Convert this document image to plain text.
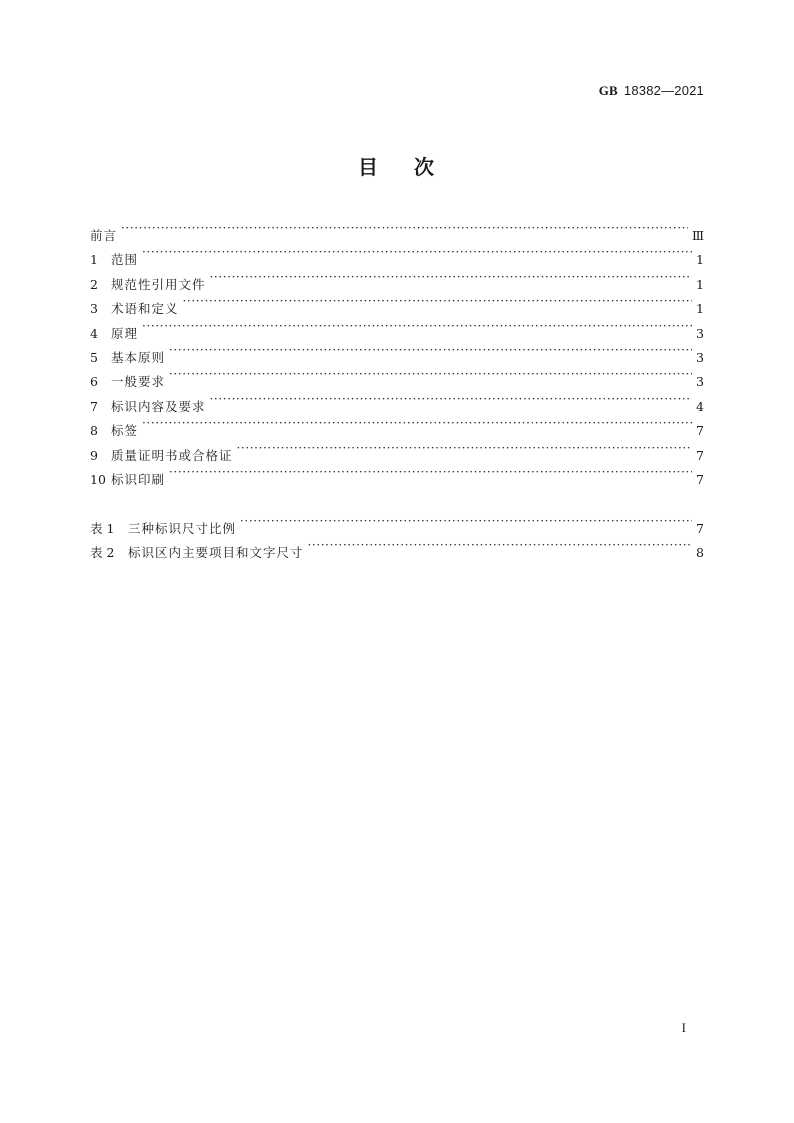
GB 18382—2021
目 次
前言 ·····	Ⅲ
1	范围 ·····	1
2	规范性引用文件 ·····	1
3	术语和定义 ·····	1
4	原理 ·····	3
5	基本原则 ·····	3
6	一般要求 ·····	3
7	标识内容及要求 ·····	4
8	标签 ·····	7
9	质量证明书或合格证 ·····	7
10 标识印刷 ·····	7
表 1	三种标识尺寸比例 ·····	7
表 2	标识区内主要项目和文字尺寸 ·····	8
I
